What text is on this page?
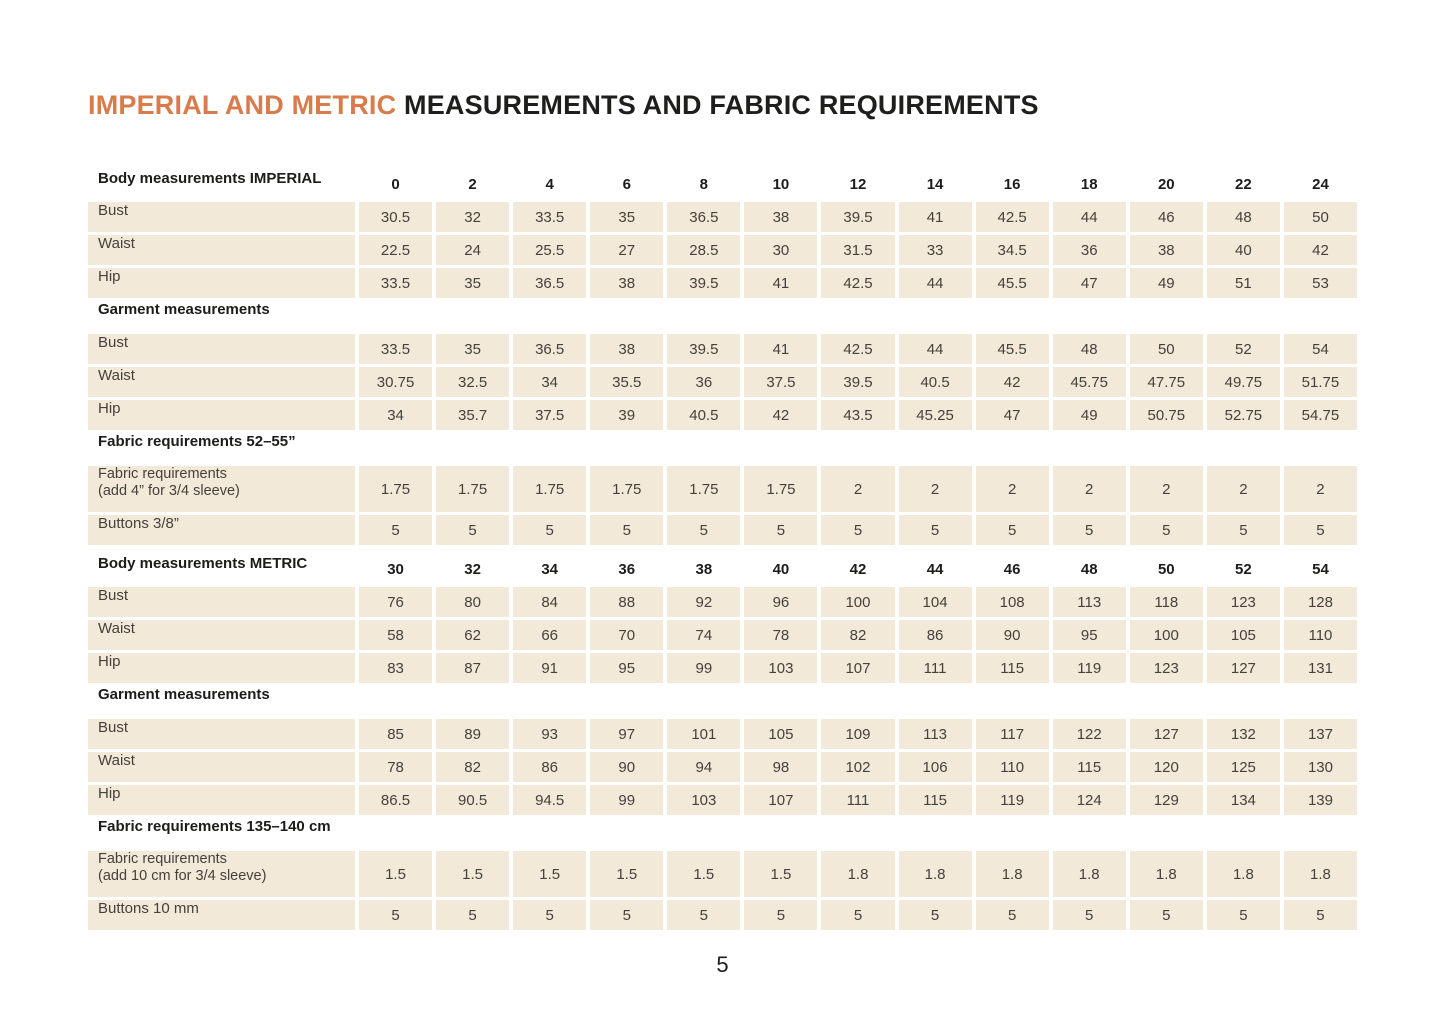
IMPERIAL AND METRIC MEASUREMENTS AND FABRIC REQUIREMENTS
Body measurements IMPERIAL	0	2	4	6	8	10	12	14	16	18	20	22	24
Bust	30.5	32	33.5	35	36.5	38	39.5	41	42.5	44	46	48	50
Waist	22.5	24	25.5	27	28.5	30	31.5	33	34.5	36	38	40	42
Hip	33.5	35	36.5	38	39.5	41	42.5	44	45.5	47	49	51	53
Garment measurements
Bust	33.5	35	36.5	38	39.5	41	42.5	44	45.5	48	50	52	54
Waist	30.75	32.5	34	35.5	36	37.5	39.5	40.5	42	45.75	47.75	49.75	51.75
Hip	34	35.7	37.5	39	40.5	42	43.5	45.25	47	49	50.75	52.75	54.75
Fabric requirements 52–55”
Fabric requirements
(add 4” for 3/4 sleeve)	1.75	1.75	1.75	1.75	1.75	1.75	2	2	2	2	2	2	2
Buttons 3/8”	5	5	5	5	5	5	5	5	5	5	5	5	5
Body measurements METRIC	30	32	34	36	38	40	42	44	46	48	50	52	54
Bust	76	80	84	88	92	96	100	104	108	113	118	123	128
Waist	58	62	66	70	74	78	82	86	90	95	100	105	110
Hip	83	87	91	95	99	103	107	111	115	119	123	127	131
Garment measurements
Bust	85	89	93	97	101	105	109	113	117	122	127	132	137
Waist	78	82	86	90	94	98	102	106	110	115	120	125	130
Hip	86.5	90.5	94.5	99	103	107	111	115	119	124	129	134	139
Fabric requirements 135–140 cm
Fabric requirements
(add 10 cm for 3/4 sleeve)	1.5	1.5	1.5	1.5	1.5	1.5	1.8	1.8	1.8	1.8	1.8	1.8	1.8
Buttons 10 mm	5	5	5	5	5	5	5	5	5	5	5	5	5
5
